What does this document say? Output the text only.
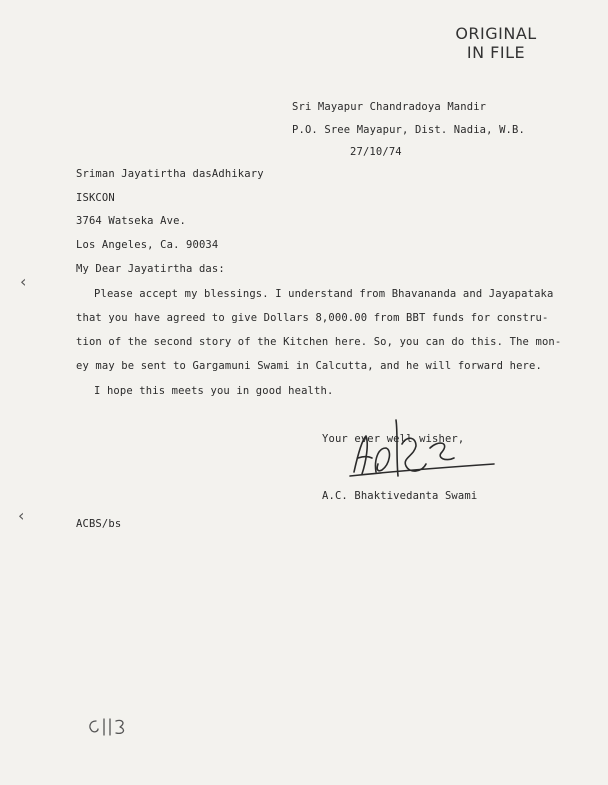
ORIGINAL
IN FILE
Sri Mayapur Chandradoya Mandir
P.O. Sree Mayapur, Dist. Nadia, W.B.
27/10/74
Sriman Jayatirtha dasAdhikary
ISKCON
3764 Watseka Ave.
Los Angeles, Ca. 90034
My Dear Jayatirtha das:
Please accept my blessings. I understand from Bhavananda and Jayapataka
that you have agreed to give Dollars 8,000.00 from BBT funds for constru-
tion of the second story of the Kitchen here. So, you can do this. The mon-
ey may be sent to Gargamuni Swami in Calcutta, and he will forward here.
I hope this meets you in good health.
Your ever well wisher,
A.C. Bhaktivedanta Swami
ACBS/bs
‹
‹
